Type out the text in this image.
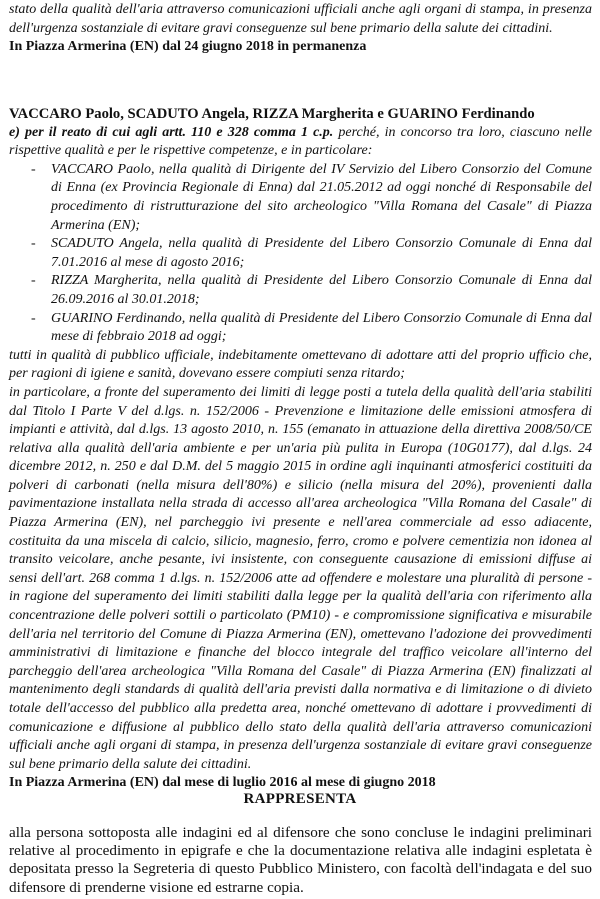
stato della qualità dell'aria attraverso comunicazioni ufficiali anche agli organi di stampa, in presenza dell'urgenza sostanziale di evitare gravi conseguenze sul bene primario della salute dei cittadini.

In Piazza Armerina (EN) dal 24 giugno 2018 in permanenza

VACCARO Paolo, SCADUTO Angela, RIZZA Margherita e GUARINO Ferdinando

e) per il reato di cui agli artt. 110 e 328 comma 1 c.p. perché, in concorso tra loro, ciascuno nelle rispettive qualità e per le rispettive competenze, e in particolare:

- VACCARO Paolo, nella qualità di Dirigente del IV Servizio del Libero Consorzio del Comune di Enna (ex Provincia Regionale di Enna) dal 21.05.2012 ad oggi nonché di Responsabile del procedimento di ristrutturazione del sito archeologico "Villa Romana del Casale" di Piazza Armerina (EN);
- SCADUTO Angela, nella qualità di Presidente del Libero Consorzio Comunale di Enna dal 7.01.2016 al mese di agosto 2016;
- RIZZA Margherita, nella qualità di Presidente del Libero Consorzio Comunale di Enna dal 26.09.2016 al 30.01.2018;
- GUARINO Ferdinando, nella qualità di Presidente del Libero Consorzio Comunale di Enna dal mese di febbraio 2018 ad oggi;

tutti in qualità di pubblico ufficiale, indebitamente omettevano di adottare atti del proprio ufficio che, per ragioni di igiene e sanità, dovevano essere compiuti senza ritardo;

in particolare, a fronte del superamento dei limiti di legge posti a tutela della qualità dell'aria stabiliti dal Titolo I Parte V del d.lgs. n. 152/2006 - Prevenzione e limitazione delle emissioni atmosfera di impianti e attività, dal d.lgs. 13 agosto 2010, n. 155 (emanato in attuazione della direttiva 2008/50/CE relativa alla qualità dell'aria ambiente e per un'aria più pulita in Europa (10G0177), dal d.lgs. 24 dicembre 2012, n. 250 e dal D.M. del 5 maggio 2015 in ordine agli inquinanti atmosferici costituiti da polveri di carbonati (nella misura dell'80%) e silicio (nella misura del 20%), provenienti dalla pavimentazione installata nella strada di accesso all'area archeologica "Villa Romana del Casale" di Piazza Armerina (EN), nel parcheggio ivi presente e nell'area commerciale ad esso adiacente, costituita da una miscela di calcio, silicio, magnesio, ferro, cromo e polvere cementizia non idonea al transito veicolare, anche pesante, ivi insistente, con conseguente causazione di emissioni diffuse ai sensi dell'art. 268 comma 1 d.lgs. n. 152/2006 atte ad offendere e molestare una pluralità di persone - in ragione del superamento dei limiti stabiliti dalla legge per la qualità dell'aria con riferimento alla concentrazione delle polveri sottili o particolato (PM10) - e compromissione significativa e misurabile dell'aria nel territorio del Comune di Piazza Armerina (EN), omettevano l'adozione dei provvedimenti amministrativi di limitazione e finanche del blocco integrale del traffico veicolare all'interno del parcheggio dell'area archeologica "Villa Romana del Casale" di Piazza Armerina (EN) finalizzati al mantenimento degli standards di qualità dell'aria previsti dalla normativa e di limitazione o di divieto totale dell'accesso del pubblico alla predetta area, nonché omettevano di adottare i provvedimenti di comunicazione e diffusione al pubblico dello stato della qualità dell'aria attraverso comunicazioni ufficiali anche agli organi di stampa, in presenza dell'urgenza sostanziale di evitare gravi conseguenze sul bene primario della salute dei cittadini.

In Piazza Armerina (EN) dal mese di luglio 2016 al mese di giugno 2018

RAPPRESENTA

alla persona sottoposta alle indagini ed al difensore che sono concluse le indagini preliminari relative al procedimento in epigrafe e che la documentazione relativa alle indagini espletata è depositata presso la Segreteria di questo Pubblico Ministero, con facoltà dell'indagata e del suo difensore di prenderne visione ed estrarne copia.
